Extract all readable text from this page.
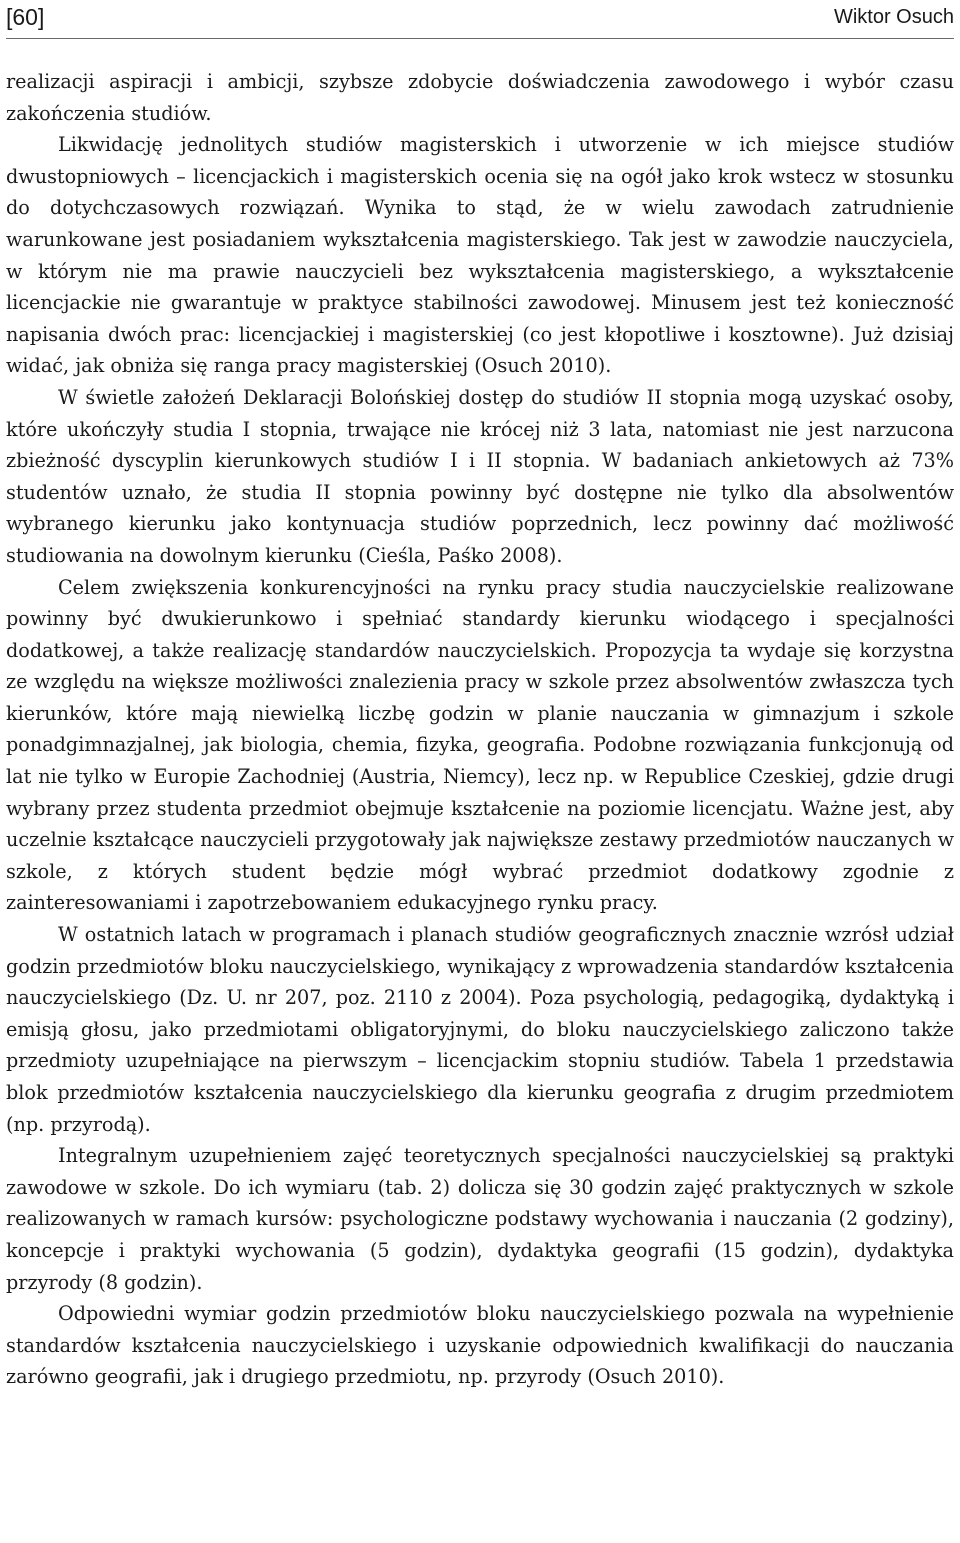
[60]	Wiktor Osuch

realizacji aspiracji i ambicji, szybsze zdobycie doświadczenia zawodowego i wybór czasu zakończenia studiów.

Likwidację jednolitych studiów magisterskich i utworzenie w ich miejsce studiów dwustopniowych – licencjackich i magisterskich ocenia się na ogół jako krok wstecz w stosunku do dotychczasowych rozwiązań. Wynika to stąd, że w wielu zawodach zatrudnienie warunkowane jest posiadaniem wykształcenia magisterskiego. Tak jest w zawodzie nauczyciela, w którym nie ma prawie nauczycieli bez wykształcenia magisterskiego, a wykształcenie licencjackie nie gwarantuje w praktyce stabilności zawodowej. Minusem jest też konieczność napisania dwóch prac: licencjackiej i magisterskiej (co jest kłopotliwe i kosztowne). Już dzisiaj widać, jak obniża się ranga pracy magisterskiej (Osuch 2010).

W świetle założeń Deklaracji Bolońskiej dostęp do studiów II stopnia mogą uzyskać osoby, które ukończyły studia I stopnia, trwające nie krócej niż 3 lata, natomiast nie jest narzucona zbieżność dyscyplin kierunkowych studiów I i II stopnia. W badaniach ankietowych aż 73% studentów uznało, że studia II stopnia powinny być dostępne nie tylko dla absolwentów wybranego kierunku jako kontynuacja studiów poprzednich, lecz powinny dać możliwość studiowania na dowolnym kierunku (Cieśla, Paśko 2008).

Celem zwiększenia konkurencyjności na rynku pracy studia nauczycielskie realizowane powinny być dwukierunkowo i spełniać standardy kierunku wiodącego i specjalności dodatkowej, a także realizację standardów nauczycielskich. Propozycja ta wydaje się korzystna ze względu na większe możliwości znalezienia pracy w szkole przez absolwentów zwłaszcza tych kierunków, które mają niewielką liczbę godzin w planie nauczania w gimnazjum i szkole ponadgimnazjalnej, jak biologia, chemia, fizyka, geografia. Podobne rozwiązania funkcjonują od lat nie tylko w Europie Zachodniej (Austria, Niemcy), lecz np. w Republice Czeskiej, gdzie drugi wybrany przez studenta przedmiot obejmuje kształcenie na poziomie licencjatu. Ważne jest, aby uczelnie kształcące nauczycieli przygotowały jak największe zestawy przedmiotów nauczanych w szkole, z których student będzie mógł wybrać przedmiot dodatkowy zgodnie z zainteresowaniami i zapotrzebowaniem edukacyjnego rynku pracy.

W ostatnich latach w programach i planach studiów geograficznych znacznie wzrósł udział godzin przedmiotów bloku nauczycielskiego, wynikający z wprowadzenia standardów kształcenia nauczycielskiego (Dz. U. nr 207, poz. 2110 z 2004). Poza psychologią, pedagogiką, dydaktyką i emisją głosu, jako przedmiotami obligatoryjnymi, do bloku nauczycielskiego zaliczono także przedmioty uzupełniające na pierwszym – licencjackim stopniu studiów. Tabela 1 przedstawia blok przedmiotów kształcenia nauczycielskiego dla kierunku geografia z drugim przedmiotem (np. przyrodą).

Integralnym uzupełnieniem zajęć teoretycznych specjalności nauczycielskiej są praktyki zawodowe w szkole. Do ich wymiaru (tab. 2) dolicza się 30 godzin zajęć praktycznych w szkole realizowanych w ramach kursów: psychologiczne podstawy wychowania i nauczania (2 godziny), koncepcje i praktyki wychowania (5 godzin), dydaktyka geografii (15 godzin), dydaktyka przyrody (8 godzin).

Odpowiedni wymiar godzin przedmiotów bloku nauczycielskiego pozwala na wypełnienie standardów kształcenia nauczycielskiego i uzyskanie odpowiednich kwalifikacji do nauczania zarówno geografii, jak i drugiego przedmiotu, np. przyrody (Osuch 2010).
